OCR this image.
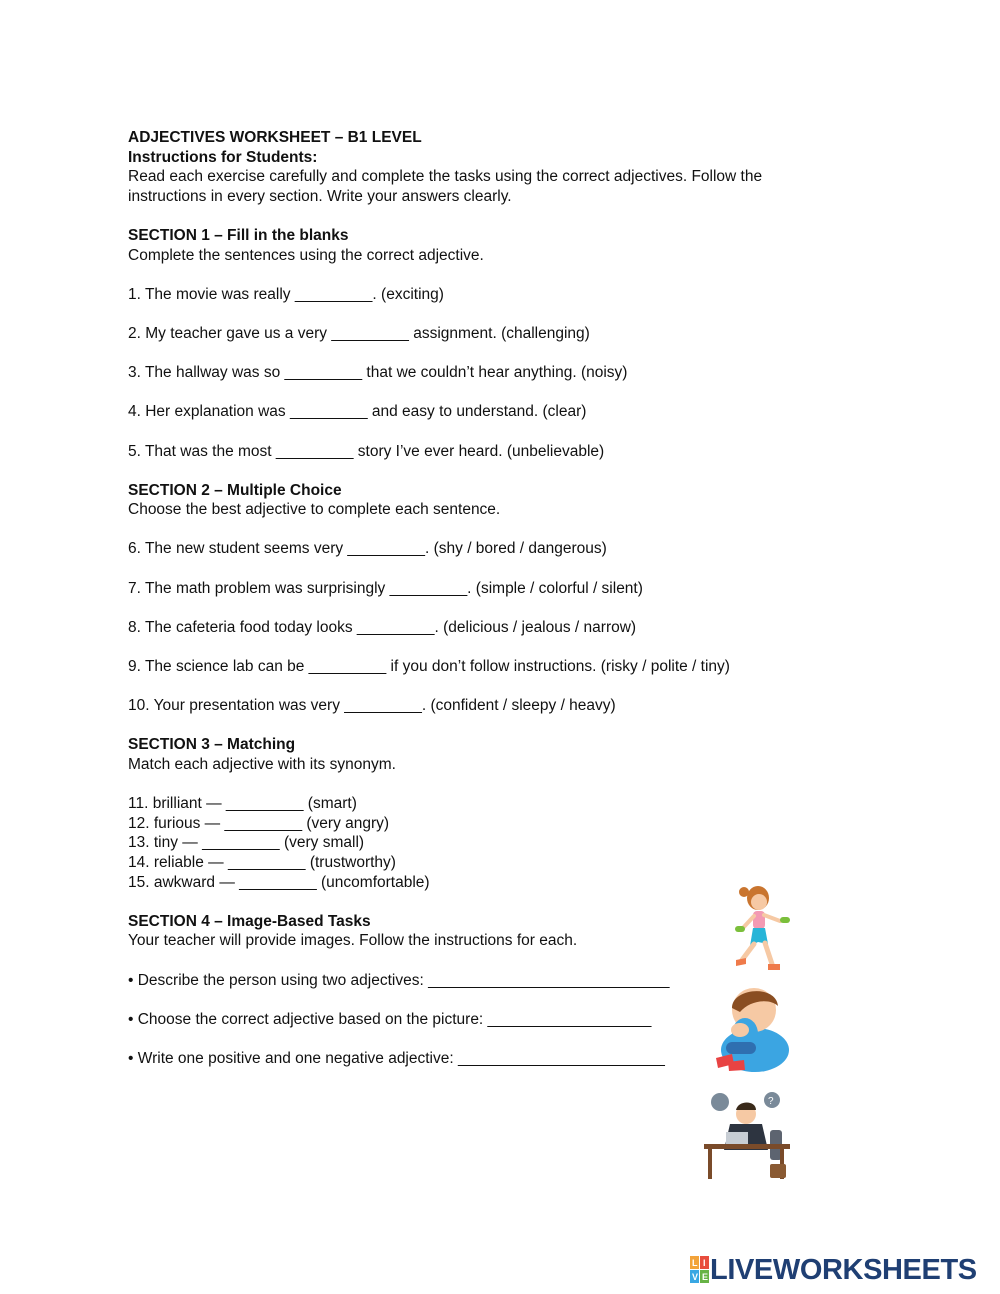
ADJECTIVES WORKSHEET – B1 LEVEL

Instructions for Students:

Read each exercise carefully and complete the tasks using the correct adjectives. Follow the

instructions in every section. Write your answers clearly.

SECTION 1 – Fill in the blanks

Complete the sentences using the correct adjective.

1. The movie was really _________. (exciting)

2. My teacher gave us a very _________ assignment. (challenging)

3. The hallway was so _________ that we couldn’t hear anything. (noisy)

4. Her explanation was _________ and easy to understand. (clear)

5. That was the most _________ story I’ve ever heard. (unbelievable)

SECTION 2 – Multiple Choice

Choose the best adjective to complete each sentence.

6. The new student seems very _________. (shy / bored / dangerous)

7. The math problem was surprisingly _________. (simple / colorful / silent)

8. The cafeteria food today looks _________. (delicious / jealous / narrow)

9. The science lab can be _________ if you don’t follow instructions. (risky / polite / tiny)

10. Your presentation was very _________. (confident / sleepy / heavy)

SECTION 3 – Matching

Match each adjective with its synonym.

11. brilliant — _________ (smart)

12. furious — _________ (very angry)

13. tiny — _________ (very small)

14. reliable — _________ (trustworthy)

15. awkward — _________ (uncomfortable)

SECTION 4 – Image-Based Tasks

Your teacher will provide images. Follow the instructions for each.

• Describe the person using two adjectives: ____________________________

• Choose the correct adjective based on the picture: ___________________

• Write one positive and one negative adjective: ________________________

?
L I
V E LIVEWORKSHEETS
